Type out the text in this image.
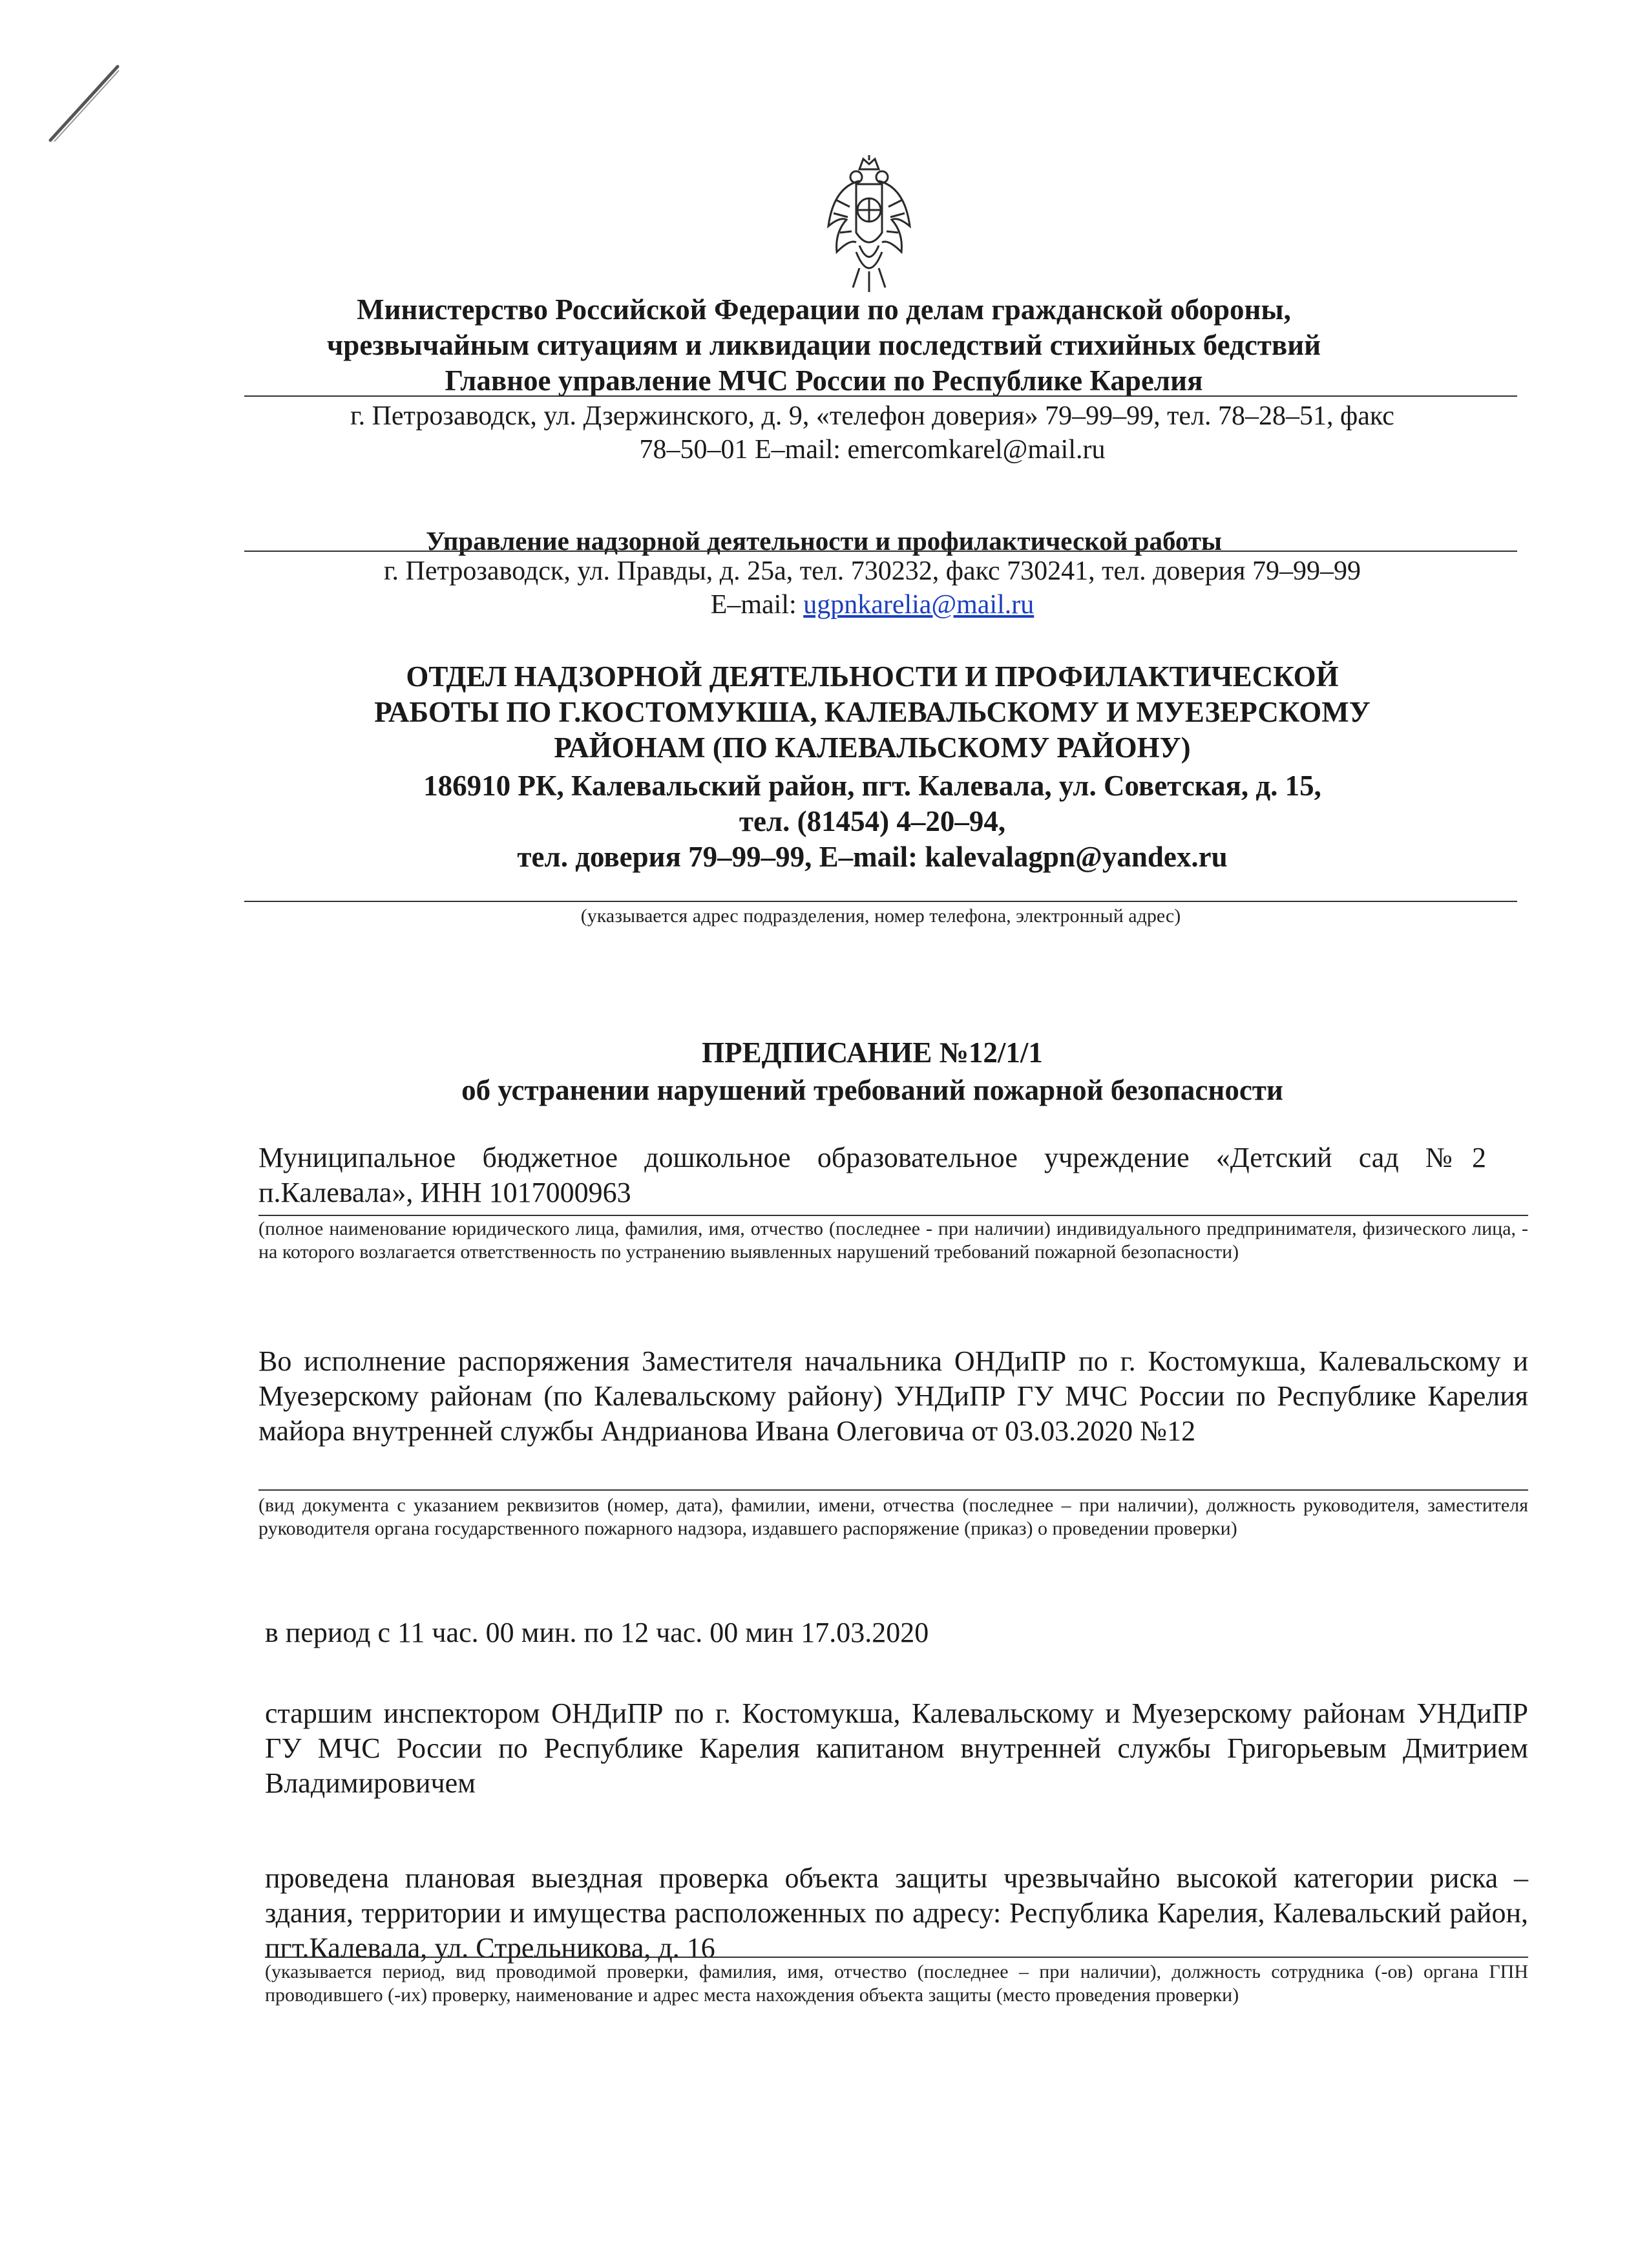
Министерство Российской Федерации по делам гражданской обороны,
чрезвычайным ситуациям и ликвидации последствий стихийных бедствий
Главное управление МЧС России по Республике Карелия
г. Петрозаводск, ул. Дзержинского, д. 9, «телефон доверия» 79–99–99, тел. 78–28–51, факс
78–50–01 E–mail: emercomkarel@mail.ru
Управление надзорной деятельности и профилактической работы
г. Петрозаводск, ул. Правды, д. 25а, тел. 730232, факс 730241, тел. доверия 79–99–99
E–mail: ugpnkarelia@mail.ru
ОТДЕЛ НАДЗОРНОЙ ДЕЯТЕЛЬНОСТИ И ПРОФИЛАКТИЧЕСКОЙ
РАБОТЫ ПО Г.КОСТОМУКША, КАЛЕВАЛЬСКОМУ И МУЕЗЕРСКОМУ
РАЙОНАМ (ПО КАЛЕВАЛЬСКОМУ РАЙОНУ)
186910 РК, Калевальский район, пгт. Калевала, ул. Советская, д. 15,
тел. (81454) 4–20–94,
тел. доверия 79–99–99, E–mail: kalevalagpn@yandex.ru
(указывается адрес подразделения, номер телефона, электронный адрес)
ПРЕДПИСАНИЕ №12/1/1
об устранении нарушений требований пожарной безопасности
Муниципальное бюджетное дошкольное образовательное учреждение «Детский сад №2 п.Калевала», ИНН 1017000963
(полное наименование юридического лица, фамилия, имя, отчество (последнее - при наличии) индивидуального предпринимателя, физического лица, - на которого возлагается ответственность по устранению выявленных нарушений требований пожарной безопасности)
Во исполнение распоряжения Заместителя начальника ОНДиПР по г. Костомукша, Калевальскому и Муезерскому районам (по Калевальскому району) УНДиПР ГУ МЧС России по Республике Карелия майора внутренней службы Андрианова Ивана Олеговича от 03.03.2020 №12
(вид документа с указанием реквизитов (номер, дата), фамилии, имени, отчества (последнее – при наличии), должность руководителя, заместителя руководителя органа государственного пожарного надзора, издавшего распоряжение (приказ) о проведении проверки)
в период с 11 час. 00 мин. по 12 час. 00 мин 17.03.2020
старшим инспектором ОНДиПР по г. Костомукша, Калевальскому и Муезерскому районам УНДиПР ГУ МЧС России по Республике Карелия капитаном внутренней службы Григорьевым Дмитрием Владимировичем
проведена плановая выездная проверка объекта защиты чрезвычайно высокой категории риска – здания, территории и имущества расположенных по адресу: Республика Карелия, Калевальский район, пгт.Калевала, ул. Стрельникова, д. 16
(указывается период, вид проводимой проверки, фамилия, имя, отчество (последнее – при наличии), должность сотрудника (-ов) органа ГПН проводившего (-их) проверку, наименование и адрес места нахождения объекта защиты (место проведения проверки)
